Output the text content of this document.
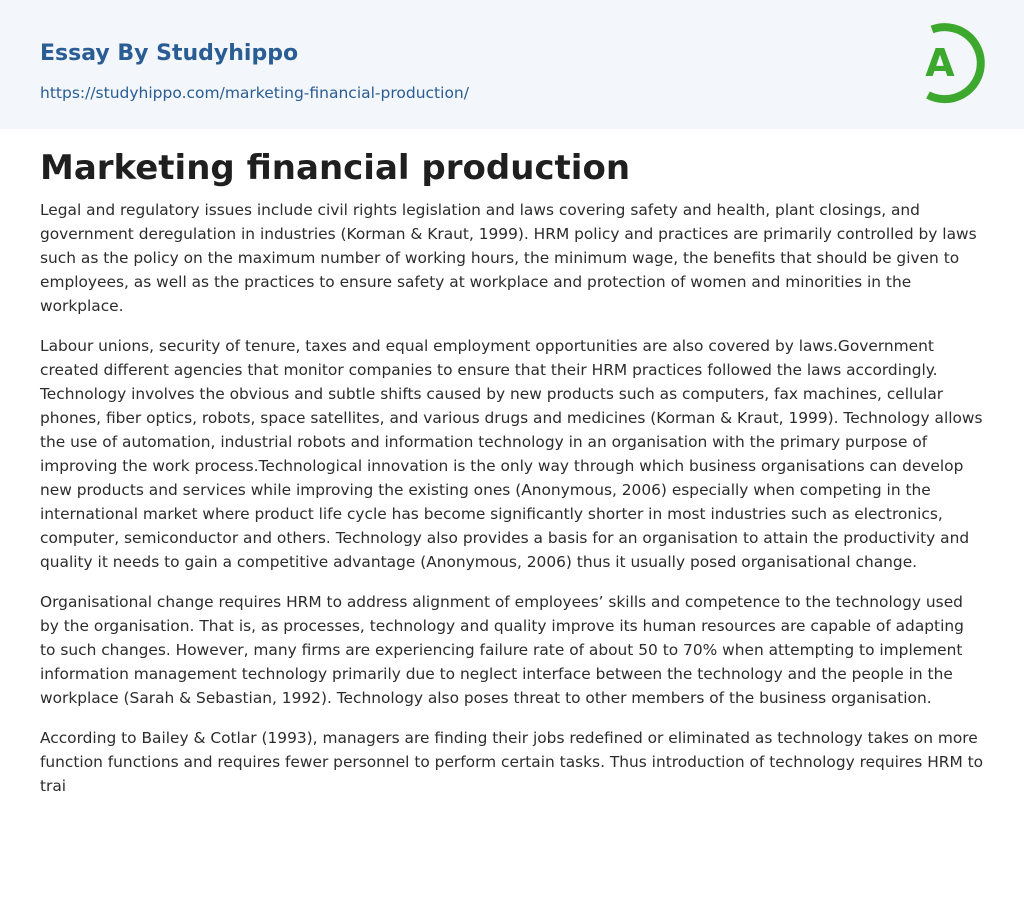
Essay By Studyhippo
https://studyhippo.com/marketing-financial-production/
A
Marketing financial production

Legal and regulatory issues include civil rights legislation and laws covering safety and health, plant closings, and government deregulation in industries (Korman & Kraut, 1999). HRM policy and practices are primarily controlled by laws such as the policy on the maximum number of working hours, the minimum wage, the benefits that should be given to employees, as well as the practices to ensure safety at workplace and protection of women and minorities in the workplace.

Labour unions, security of tenure, taxes and equal employment opportunities are also covered by laws.Government created different agencies that monitor companies to ensure that their HRM practices followed the laws accordingly. Technology involves the obvious and subtle shifts caused by new products such as computers, fax machines, cellular phones, fiber optics, robots, space satellites, and various drugs and medicines (Korman & Kraut, 1999). Technology allows the use of automation, industrial robots and information technology in an organisation with the primary purpose of improving the work process.Technological innovation is the only way through which business organisations can develop new products and services while improving the existing ones (Anonymous, 2006) especially when competing in the international market where product life cycle has become significantly shorter in most industries such as electronics, computer, semiconductor and others. Technology also provides a basis for an organisation to attain the productivity and quality it needs to gain a competitive advantage (Anonymous, 2006) thus it usually posed organisational change.

Organisational change requires HRM to address alignment of employees’ skills and competence to the technology used by the organisation. That is, as processes, technology and quality improve its human resources are capable of adapting to such changes. However, many firms are experiencing failure rate of about 50 to 70% when attempting to implement information management technology primarily due to neglect interface between the technology and the people in the workplace (Sarah & Sebastian, 1992). Technology also poses threat to other members of the business organisation.

According to Bailey & Cotlar (1993), managers are finding their jobs redefined or eliminated as technology takes on more function functions and requires fewer personnel to perform certain tasks. Thus introduction of technology requires HRM to trai
